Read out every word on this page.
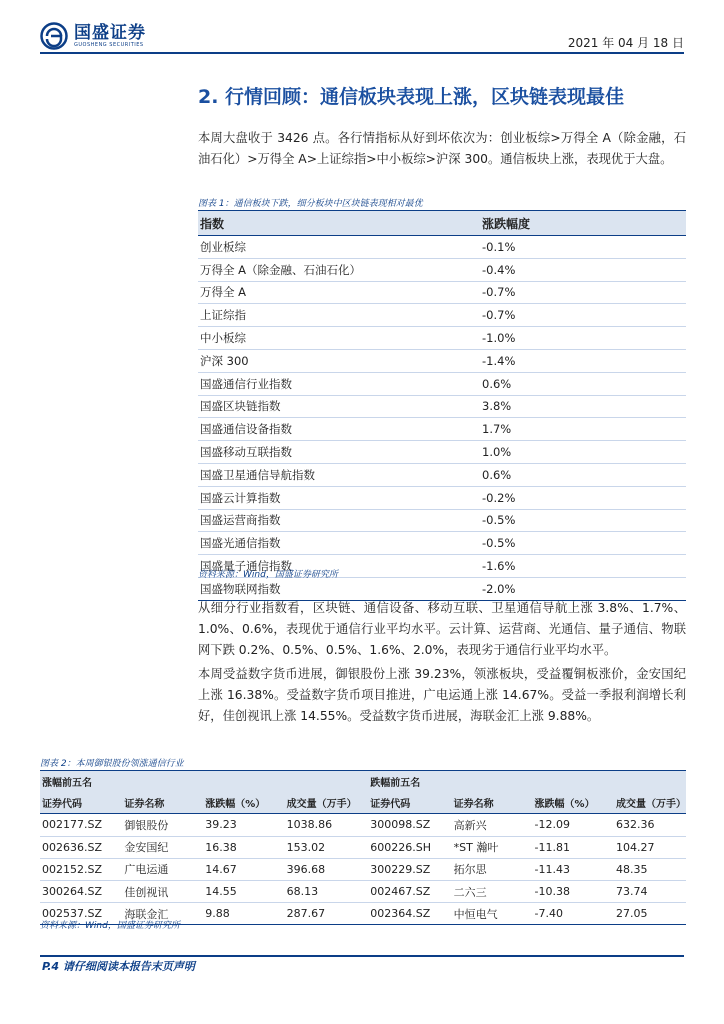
国盛证券
GUOSHENG SECURITIES	2021 年 04 月 18 日
2. 行情回顾：通信板块表现上涨，区块链表现最佳
本周大盘收于 3426 点。各行情指标从好到坏依次为：创业板综>万得全 A（除金融，石油石化）>万得全 A>上证综指>中小板综>沪深 300。通信板块上涨，表现优于大盘。
图表 1：通信板块下跌，细分板块中区块链表现相对最优
指数	涨跌幅度
创业板综	-0.1%
万得全 A（除金融、石油石化）	-0.4%
万得全 A	-0.7%
上证综指	-0.7%
中小板综	-1.0%
沪深 300	-1.4%
国盛通信行业指数	0.6%
国盛区块链指数	3.8%
国盛通信设备指数	1.7%
国盛移动互联指数	1.0%
国盛卫星通信导航指数	0.6%
国盛云计算指数	-0.2%
国盛运营商指数	-0.5%
国盛光通信指数	-0.5%
国盛量子通信指数	-1.6%
国盛物联网指数	-2.0%
资料来源：Wind，国盛证券研究所
从细分行业指数看，区块链、通信设备、移动互联、卫星通信导航上涨 3.8%、1.7%、1.0%、0.6%，表现优于通信行业平均水平。云计算、运营商、光通信、量子通信、物联网下跌 0.2%、0.5%、0.5%、1.6%、2.0%，表现劣于通信行业平均水平。
本周受益数字货币进展，御银股份上涨 39.23%，领涨板块，受益覆铜板涨价，金安国纪上涨 16.38%。受益数字货币项目推进，广电运通上涨 14.67%。受益一季报利润增长利好，佳创视讯上涨 14.55%。受益数字货币进展，海联金汇上涨 9.88%。
图表 2：本周御银股份领涨通信行业
涨幅前五名				跌幅前五名			
证券代码	证券名称	涨跌幅（%）	成交量（万手）	证券代码	证券名称	涨跌幅（%）	成交量（万手）
002177.SZ	御银股份	39.23	1038.86	300098.SZ	高新兴	-12.09	632.36
002636.SZ	金安国纪	16.38	153.02	600226.SH	*ST 瀚叶	-11.81	104.27
002152.SZ	广电运通	14.67	396.68	300229.SZ	拓尔思	-11.43	48.35
300264.SZ	佳创视讯	14.55	68.13	002467.SZ	二六三	-10.38	73.74
002537.SZ	海联金汇	9.88	287.67	002364.SZ	中恒电气	-7.40	27.05
资料来源：Wind，国盛证券研究所
P.4 请仔细阅读本报告末页声明
